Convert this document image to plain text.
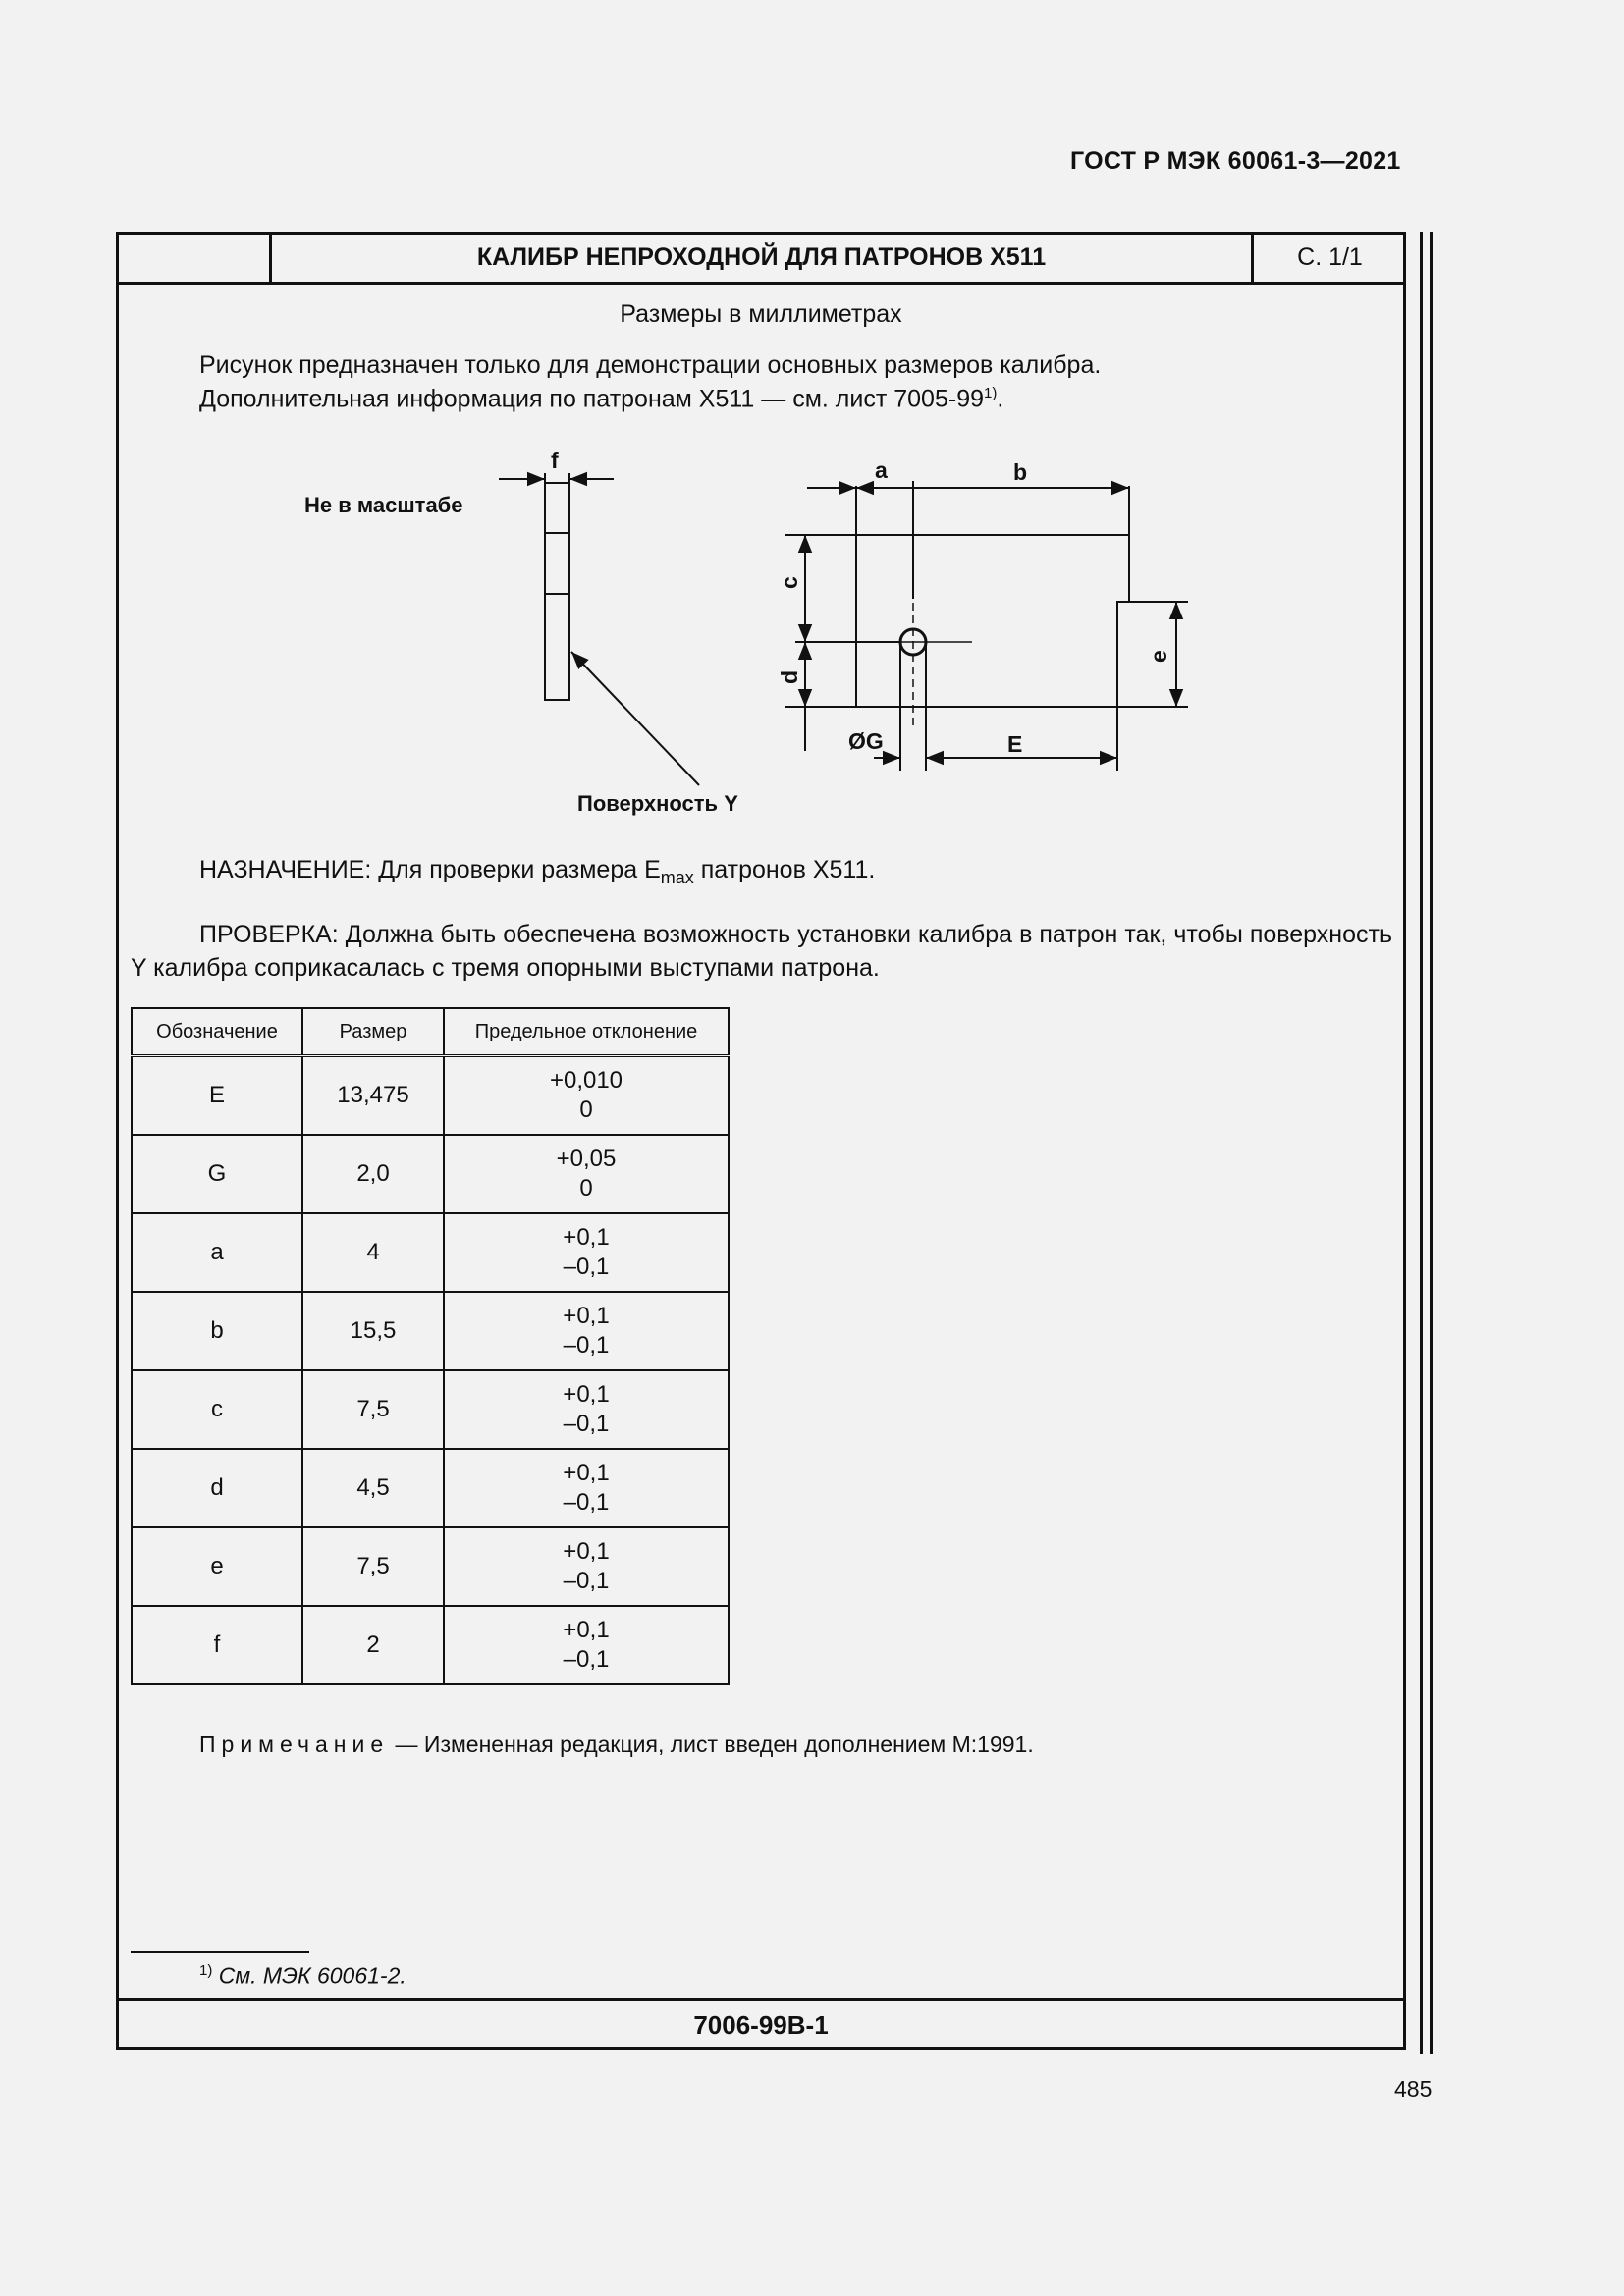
ГОСТ Р МЭК 60061-3—2021
КАЛИБР НЕПРОХОДНОЙ ДЛЯ ПАТРОНОВ X511	С. 1/1
Размеры в миллиметрах
Рисунок предназначен только для демонстрации основных размеров калибра.
Дополнительная информация по патронам X511 — см. лист 7005-99$^{1)}$.
Не в масштабе
Поверхность Y
f	a	b
c
d
e
E
ØG
НАЗНАЧЕНИЕ: Для проверки размера $E_{max}$ патронов X511.
ПРОВЕРКА: Должна быть обеспечена возможность установки калибра в патрон так, чтобы поверхность Y калибра соприкасалась с тремя опорными выступами патрона.
Обозначение	Размер	Предельное отклонение
E	13,475	+0,010
0

G	2,0	+0,05
0

a	4	+0,1
–0,1

b	15,5	+0,1
–0,1

c	7,5	+0,1
–0,1

d	4,5	+0,1
–0,1

e	7,5	+0,1
–0,1

f	2	+0,1
–0,1
Примечание — Измененная редакция, лист введен дополнением М:1991.
$^{1)}$ См. МЭК 60061-2.
7006-99B-1
485
